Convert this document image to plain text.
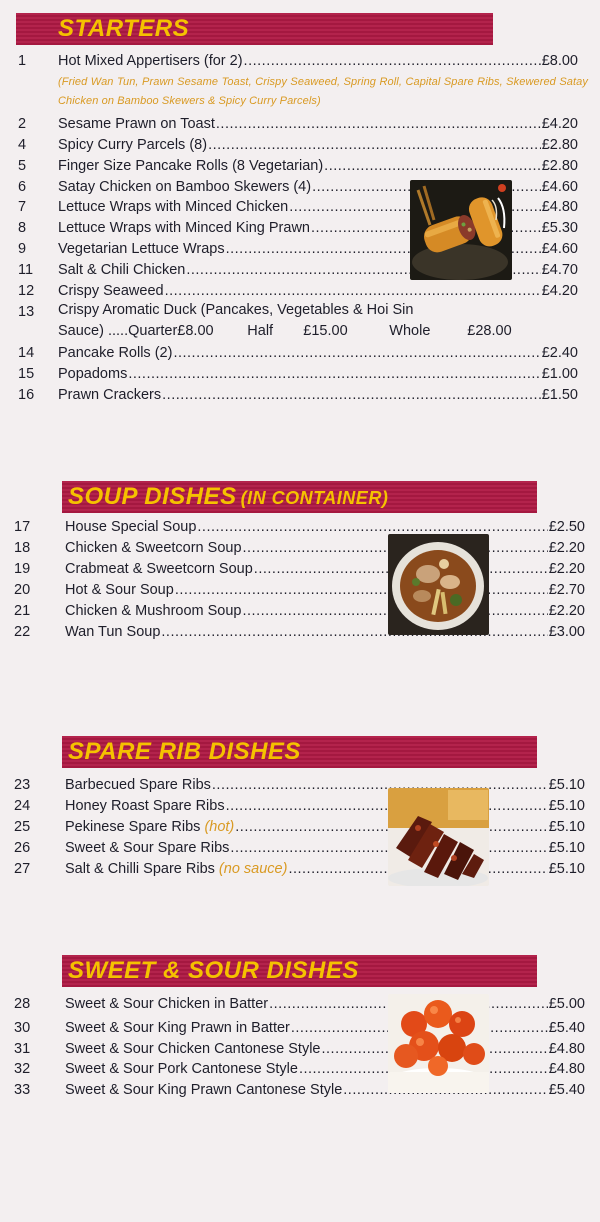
STARTERS
1	Hot Mixed Appertisers (for 2) .....	£8.00
(Fried Wan Tun, Prawn Sesame Toast, Crispy Seaweed, Spring Roll, Capital Spare Ribs, Skewered Satay Chicken on Bamboo Skewers & Spicy Curry Parcels)
2	Sesame Prawn on Toast .....	£4.20
4	Spicy Curry Parcels (8) .....	£2.80
5	Finger Size Pancake Rolls (8 Vegetarian) .....	£2.80
6	Satay Chicken on Bamboo Skewers (4) .....	£4.60
7	Lettuce Wraps with Minced Chicken .....	£4.80
8	Lettuce Wraps with Minced King Prawn .....	£5.30
9	Vegetarian Lettuce Wraps .....	£4.60
11	Salt & Chili Chicken .....	£4.70
12	Crispy Seaweed .....	£4.20
13	Crispy Aromatic Duck (Pancakes, Vegetables & Hoi Sin
Sauce) ..... Quarter £8.00	Half	£15.00	Whole	£28.00
14	Pancake Rolls (2) .....	£2.40
15	Popadoms .....	£1.00
16	Prawn Crackers .....	£1.50
SOUP DISHES (IN CONTAINER)
17	House Special Soup .....	£2.50
18	Chicken & Sweetcorn Soup .....	£2.20
19	Crabmeat & Sweetcorn Soup .....	£2.20
20	Hot & Sour Soup .....	£2.70
21	Chicken & Mushroom Soup .....	£2.20
22	Wan Tun Soup .....	£3.00
SPARE RIB DISHES
23	Barbecued Spare Ribs .....	£5.10
24	Honey Roast Spare Ribs .....	£5.10
25	Pekinese Spare Ribs (hot) .....	£5.10
26	Sweet & Sour Spare Ribs .....	£5.10
27	Salt & Chilli Spare Ribs (no sauce) .....	£5.10
SWEET & SOUR DISHES
28	Sweet & Sour Chicken in Batter .....	£5.00
30	Sweet & Sour King Prawn in Batter .....	£5.40
31	Sweet & Sour Chicken Cantonese Style .....	£4.80
32	Sweet & Sour Pork Cantonese Style .....	£4.80
33	Sweet & Sour King Prawn Cantonese Style .....	£5.40
